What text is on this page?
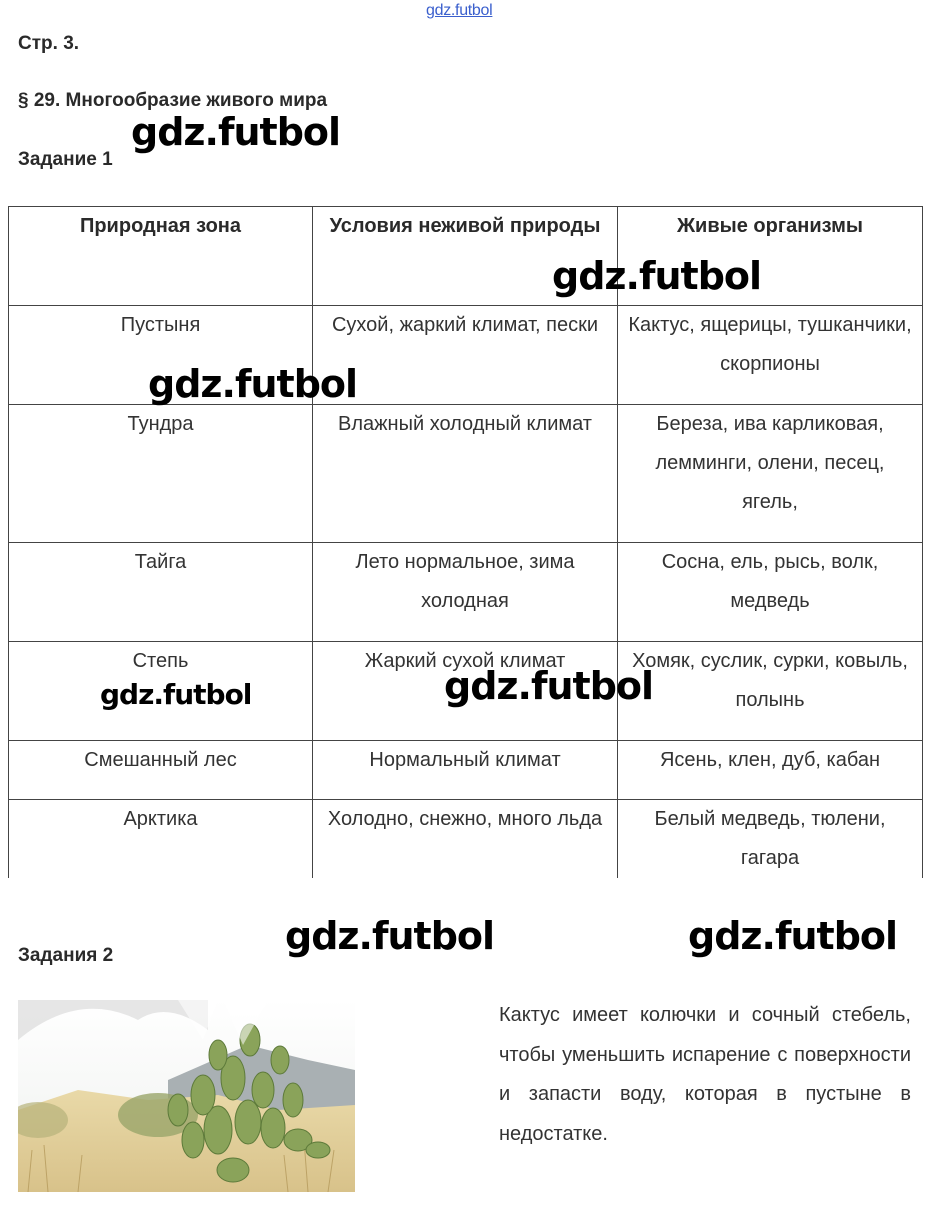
gdz.futbol
Стр. 3.
§ 29. Многообразие живого мира
Задание 1
Природная зона	Условия неживой природы	Живые организмы
Пустыня	Сухой, жаркий климат, пески	Кактус, ящерицы, тушканчики, скорпионы
Тундра	Влажный холодный климат	Береза, ива карликовая, лемминги, олени, песец, ягель,
Тайга	Лето нормальное, зима холодная	Сосна, ель, рысь, волк, медведь
Степь	Жаркий сухой климат	Хомяк, суслик, сурки, ковыль, полынь
Смешанный лес	Нормальный климат	Ясень, клен, дуб, кабан
Арктика	Холодно, снежно, много льда	Белый медведь, тюлени, гагара
Задания 2
Кактус имеет колючки и сочный стебель, чтобы уменьшить испарение с поверхности и запасти воду, которая в пустыне в недостатке.
gdz.futbol
gdz.futbol
gdz.futbol
gdz.futbol	gdz.futbol
gdz.futbol	gdz.futbol
